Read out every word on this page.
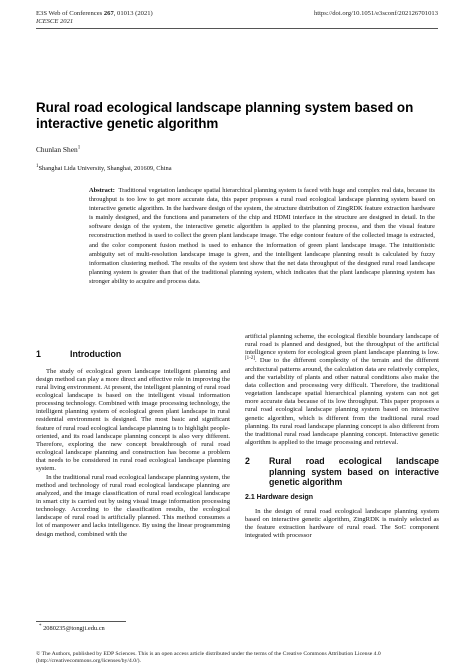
E3S Web of Conferences 267, 01013 (2021)
ICESCE 2021
https://doi.org/10.1051/e3sconf/202126701013
Rural road ecological landscape planning system based on interactive genetic algorithm
Chunlan Shen$^1$
$^1$Shanghai Lida University, Shanghai, 201609, China

Abstract: Traditional vegetation landscape spatial hierarchical planning system is faced with huge and complex real data, because its throughput is too low to get more accurate data, this paper proposes a rural road ecological landscape planning system based on interactive genetic algorithm. In the hardware design of the system, the structure distribution of ZingRDK feature extraction hardware is mainly designed, and the functions and parameters of the chip and HDMI interface in the structure are designed in detail. In the software design of the system, the interactive genetic algorithm is applied to the planning process, and then the visual feature reconstruction method is used to collect the green plant landscape image. The edge contour feature of the collected image is extracted, and the color component fusion method is used to enhance the information of green plant landscape image. The intuitionistic ambiguity set of multi-resolution landscape image is given, and the intelligent landscape planning result is calculated by fuzzy information clustering method. The results of the system test show that the net data throughput of the designed rural road landscape planning system is greater than that of the traditional planning system, which indicates that the plant landscape planning system has stronger ability to acquire and process data.

1	Introduction

The study of ecological green landscape intelligent planning and design method can play a more direct and effective role in improving the rural living environment. At present, the intelligent planning of rural road ecological landscape is based on the intelligent visual information processing technology. Combined with image processing technology, the intelligent planning system of ecological green plant landscape in rural residential environment is designed. The most basic and significant feature of rural road ecological landscape planning is to highlight people-oriented, and its road landscape planning concept is also very different. Therefore, exploring the new concept breakthrough of rural road ecological landscape planning and construction has become a problem that needs to be considered in rural road ecological landscape planning system.

In the traditional rural road ecological landscape planning system, the method and technology of rural road ecological landscape planning are analyzed, and the image classification of rural road ecological landscape in smart city is carried out by using visual image information processing technology. According to the classification results, the ecological landscape of rural road is artificially planned. This method consumes a lot of manpower and lacks intelligence. By using the linear programming design method, combined with the

artificial planning scheme, the ecological flexible boundary landscape of rural road is planned and designed, but the throughput of the artificial intelligence system for ecological green plant landscape planning is low. [1-2]. Due to the different complexity of the terrain and the different architectural patterns around, the calculation data are relatively complex, and the variability of plants and other natural conditions also make the data collection and processing very difficult. Therefore, the traditional vegetation landscape spatial hierarchical planning system can not get more accurate data because of its low throughput. This paper proposes a rural road ecological landscape planning system based on interactive genetic algorithm, which is different from the traditional rural road planning. Its rural road landscape planning concept is also different from the traditional rural road landscape planning concept. Interactive genetic algorithm is applied to the image processing and retrieval.

2	Rural road ecological landscape planning system based on interactive genetic algorithm

2.1 Hardware design

In the design of rural road ecological landscape planning system based on interactive genetic algorithm, ZingRDK is mainly selected as the feature extraction hardware of rural road. The SoC component integrated with processor

* 2080235@tongji.edu.cn

© The Authors, published by EDP Sciences. This is an open access article distributed under the terms of the Creative Commons Attribution License 4.0

(http://creativecommons.org/licenses/by/4.0/).
